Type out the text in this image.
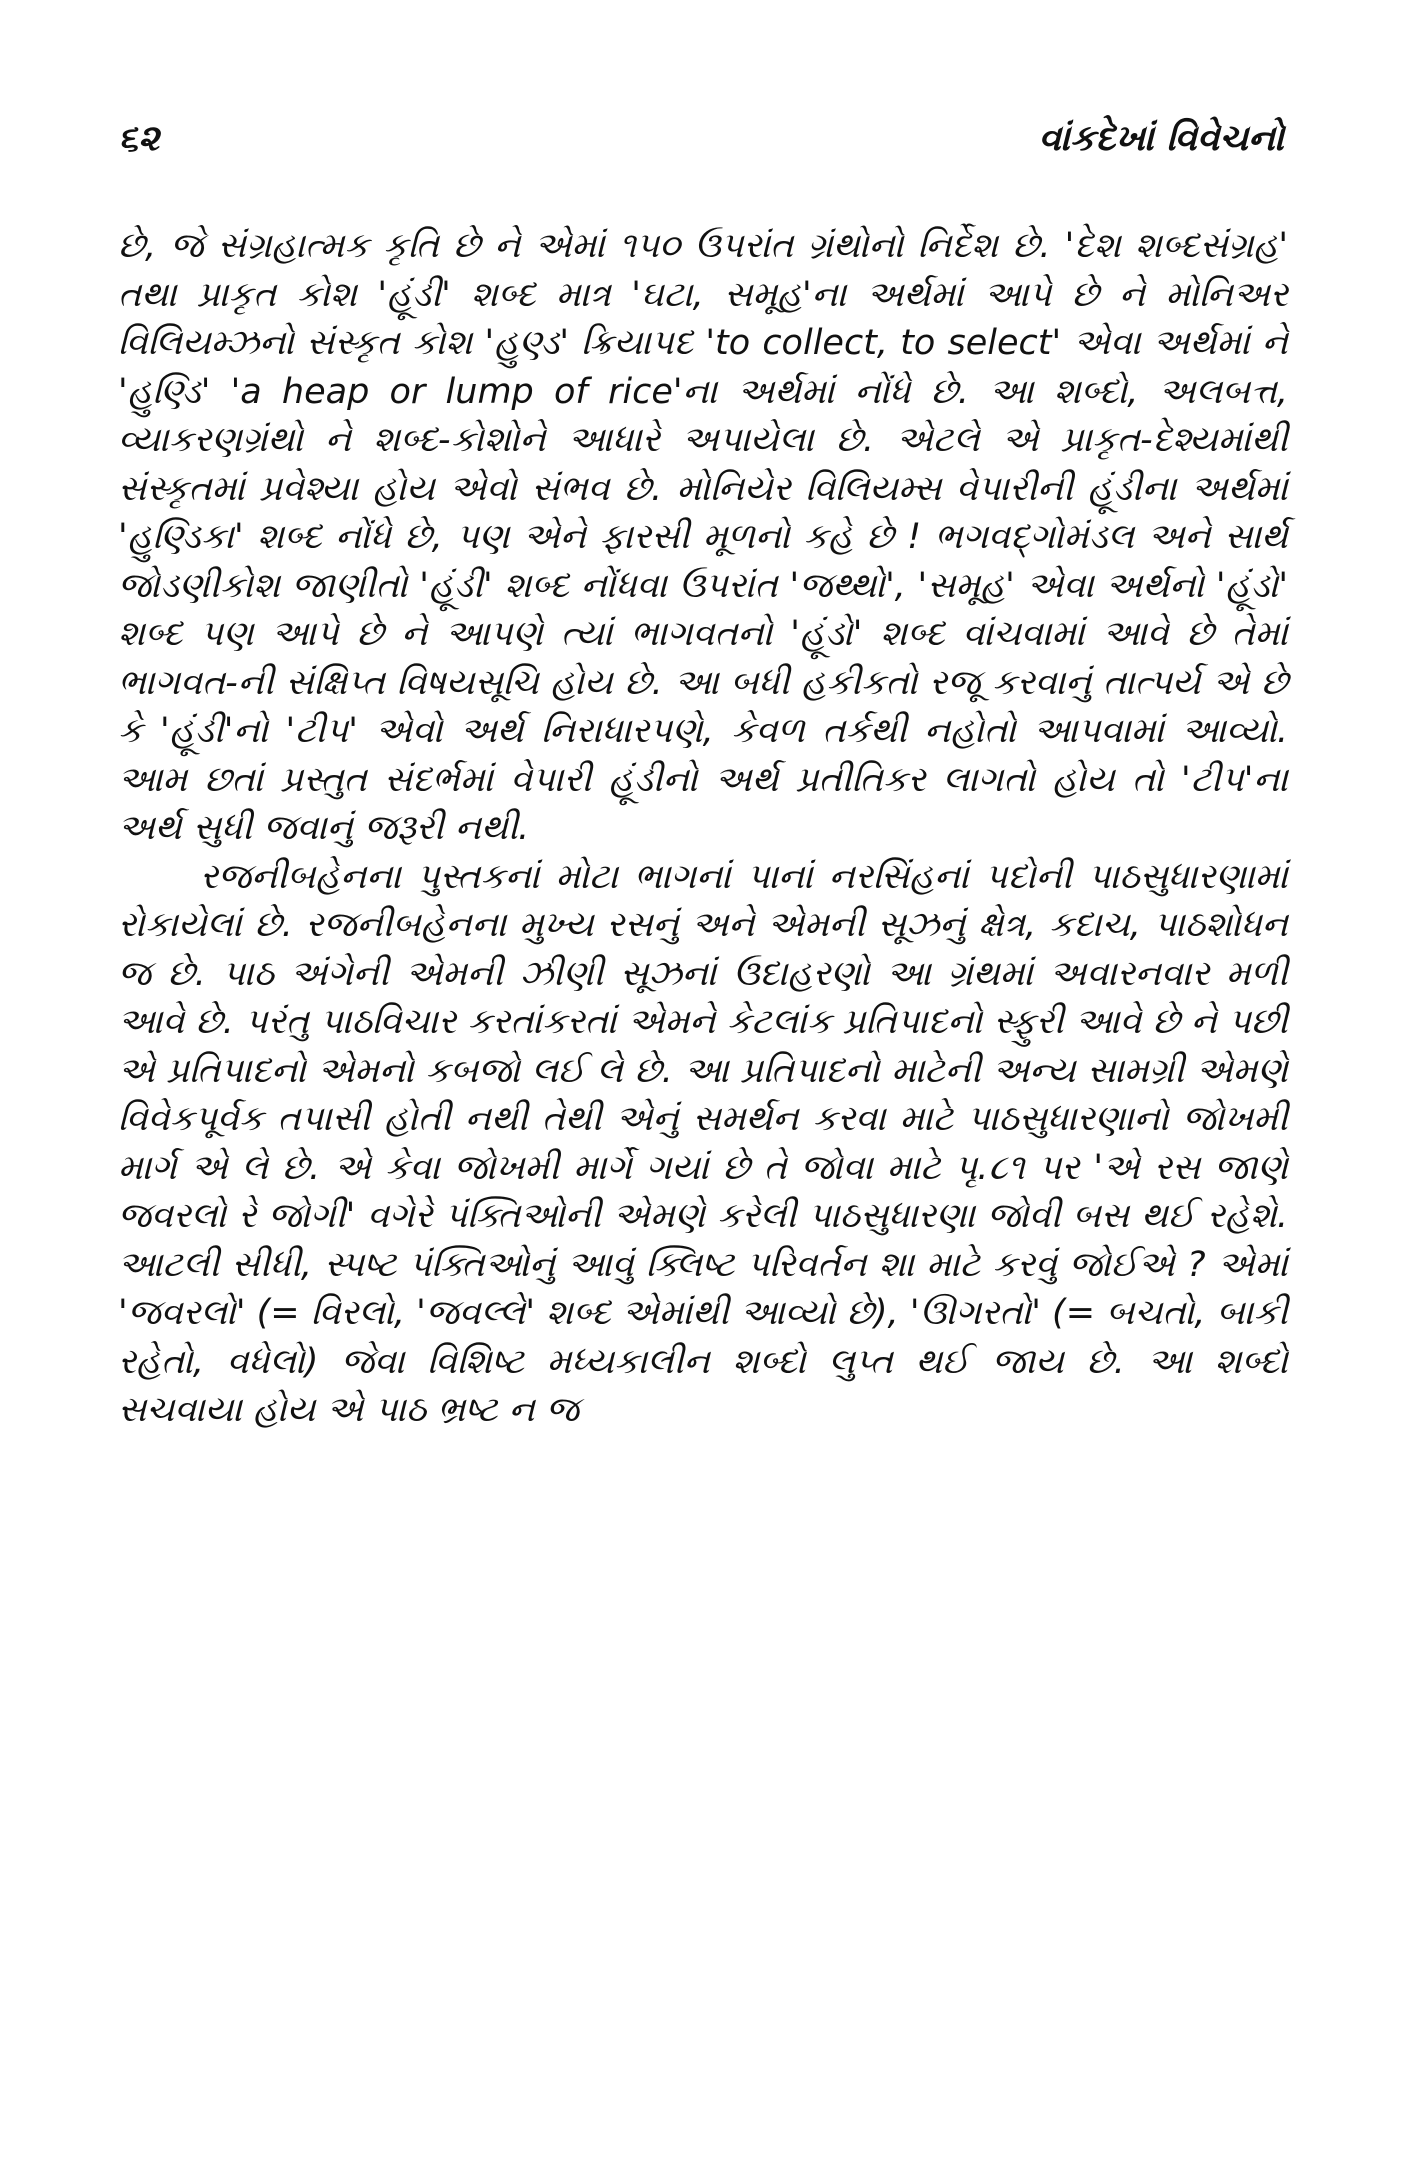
૬૨	વાંકદેખાં વિવેચનો

છે, જે સંગ્રહાત્મક કૃતિ છે ને એમાં ૧૫૦ ઉપરાંત ગ્રંથોનો નિર્દેશ છે. 'દેશ શબ્દસંગ્રહ' તથા પ્રાકૃત કોશ 'હૂંડી' શબ્દ માત્ર 'ઘટા, સમૂહ'ના અર્થમાં આપે છે ને મોનિઅર વિલિયમ્ઝનો સંસ્કૃત કોશ 'હુણ્ડ' ક્રિયાપદ 'to collect, to select' એવા અર્થમાં ને 'હુણ્ડિ' 'a heap or lump of rice'ના અર્થમાં નોંધે છે. આ શબ્દો, અલબત્ત, વ્યાકરણગ્રંથો ને શબ્દ-કોશોને આધારે અપાયેલા છે. એટલે એ પ્રાકૃત-દેશ્યમાંથી સંસ્કૃતમાં પ્રવેશ્યા હોય એવો સંભવ છે. મોનિયેર વિલિયમ્સ વેપારીની હૂંડીના અર્થમાં 'હુણ્ડિકા' શબ્દ નોંધે છે, પણ એને ફારસી મૂળનો કહે છે ! ભગવદ્ગોમંડલ અને સાર્થ જોડણીકોશ જાણીતો 'હૂંડી' શબ્દ નોંધવા ઉપરાંત 'જથ્થો', 'સમૂહ' એવા અર્થનો 'હૂંડો' શબ્દ પણ આપે છે ને આપણે ત્યાં ભાગવતનો 'હૂંડો' શબ્દ વાંચવામાં આવે છે તેમાં ભાગવત-ની સંક્ષિપ્ત વિષયસૂચિ હોય છે. આ બધી હકીકતો રજૂ કરવાનું તાત્પર્ય એ છે કે 'હૂંડી'નો 'ટીપ' એવો અર્થ નિરાધારપણે, કેવળ તર્કથી નહોતો આપવામાં આવ્યો. આમ છતાં પ્રસ્તુત સંદર્ભમાં વેપારી હૂંડીનો અર્થ પ્રતીતિકર લાગતો હોય તો 'ટીપ'ના અર્થ સુધી જવાનું જરૂરી નથી.

રજનીબહેનના પુસ્તકનાં મોટા ભાગનાં પાનાં નરસિંહનાં પદોની પાઠસુધારણામાં રોકાયેલાં છે. રજનીબહેનના મુખ્ય રસનું અને એમની સૂઝનું ક્ષેત્ર, કદાચ, પાઠશોધન જ છે. પાઠ અંગેની એમની ઝીણી સૂઝનાં ઉદાહરણો આ ગ્રંથમાં અવારનવાર મળી આવે છે. પરંતુ પાઠવિચાર કરતાંકરતાં એમને કેટલાંક પ્રતિપાદનો સ્ફુરી આવે છે ને પછી એ પ્રતિપાદનો એમનો કબજો લઈ લે છે. આ પ્રતિપાદનો માટેની અન્ય સામગ્રી એમણે વિવેકપૂર્વક તપાસી હોતી નથી તેથી એનું સમર્થન કરવા માટે પાઠસુધારણાનો જોખમી માર્ગ એ લે છે. એ કેવા જોખમી માર્ગે ગયાં છે તે જોવા માટે પૃ.૮૧ પર 'એ રસ જાણે જવરલો રે જોગી' વગેરે પંક્તિઓની એમણે કરેલી પાઠસુધારણા જોવી બસ થઈ રહેશે. આટલી સીધી, સ્પષ્ટ પંક્તિઓનું આવું ક્લિષ્ટ પરિવર્તન શા માટે કરવું જોઈએ ? એમાં 'જવરલો' (= વિરલો, 'જવલ્લે' શબ્દ એમાંથી આવ્યો છે), 'ઊગરતો' (= બચતો, બાકી રહેતો, વધેલો) જેવા વિશિષ્ટ મધ્યકાલીન શબ્દો લુપ્ત થઈ જાય છે. આ શબ્દો સચવાયા હોય એ પાઠ ભ્રષ્ટ ન જ
